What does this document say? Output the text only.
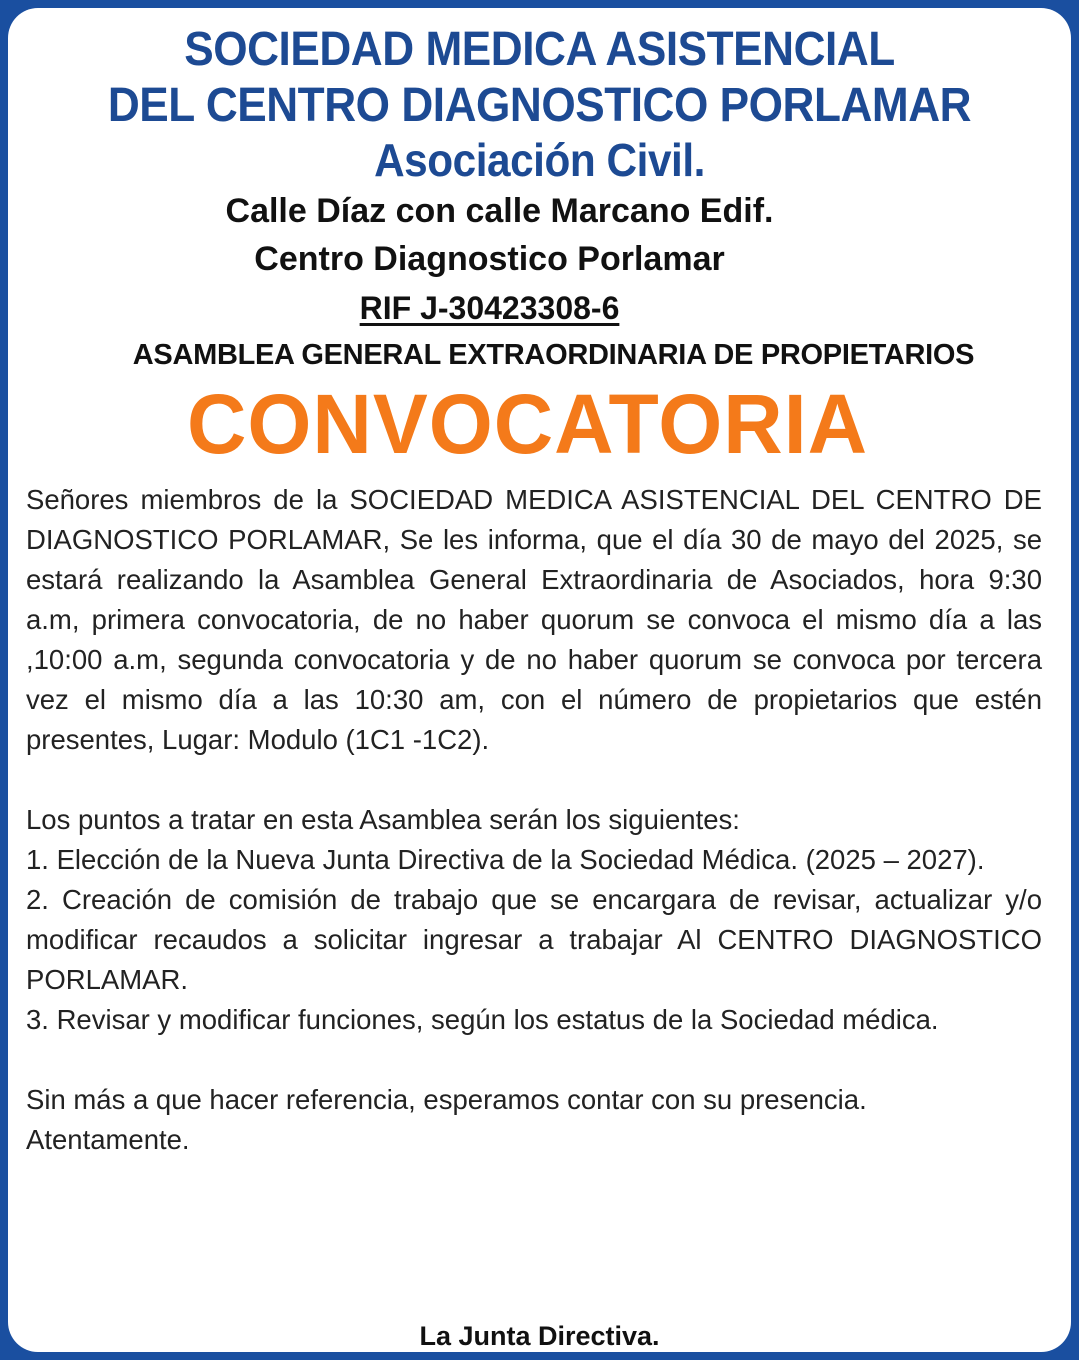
SOCIEDAD MEDICA ASISTENCIAL
DEL CENTRO DIAGNOSTICO PORLAMAR
Asociación Civil.
Calle Díaz con calle Marcano Edif.
Centro Diagnostico Porlamar
RIF J-30423308-6
ASAMBLEA GENERAL EXTRAORDINARIA DE PROPIETARIOS
CONVOCATORIA

Señores miembros de la SOCIEDAD MEDICA ASISTENCIAL DEL CENTRO DE DIAGNOSTICO PORLAMAR, Se les informa, que el día 30 de mayo del 2025, se estará realizando la Asamblea General Extraordinaria de Asociados, hora 9:30 a.m, primera convocatoria, de no haber quorum se convoca el mismo día a las ,10:00 a.m, segunda convocatoria y de no haber quorum se convoca por tercera vez el mismo día a las 10:30 am, con el número de propietarios que estén presentes, Lugar: Modulo (1C1 -1C2).

Los puntos a tratar en esta Asamblea serán los siguientes:

1. Elección de la Nueva Junta Directiva de la Sociedad Médica. (2025 – 2027).

2. Creación de comisión de trabajo que se encargara de revisar, actualizar y/o modificar recaudos a solicitar ingresar a trabajar Al CENTRO DIAGNOSTICO PORLAMAR.

3. Revisar y modificar funciones, según los estatus de la Sociedad médica.

Sin más a que hacer referencia, esperamos contar con su presencia.

Atentamente.

La Junta Directiva.
